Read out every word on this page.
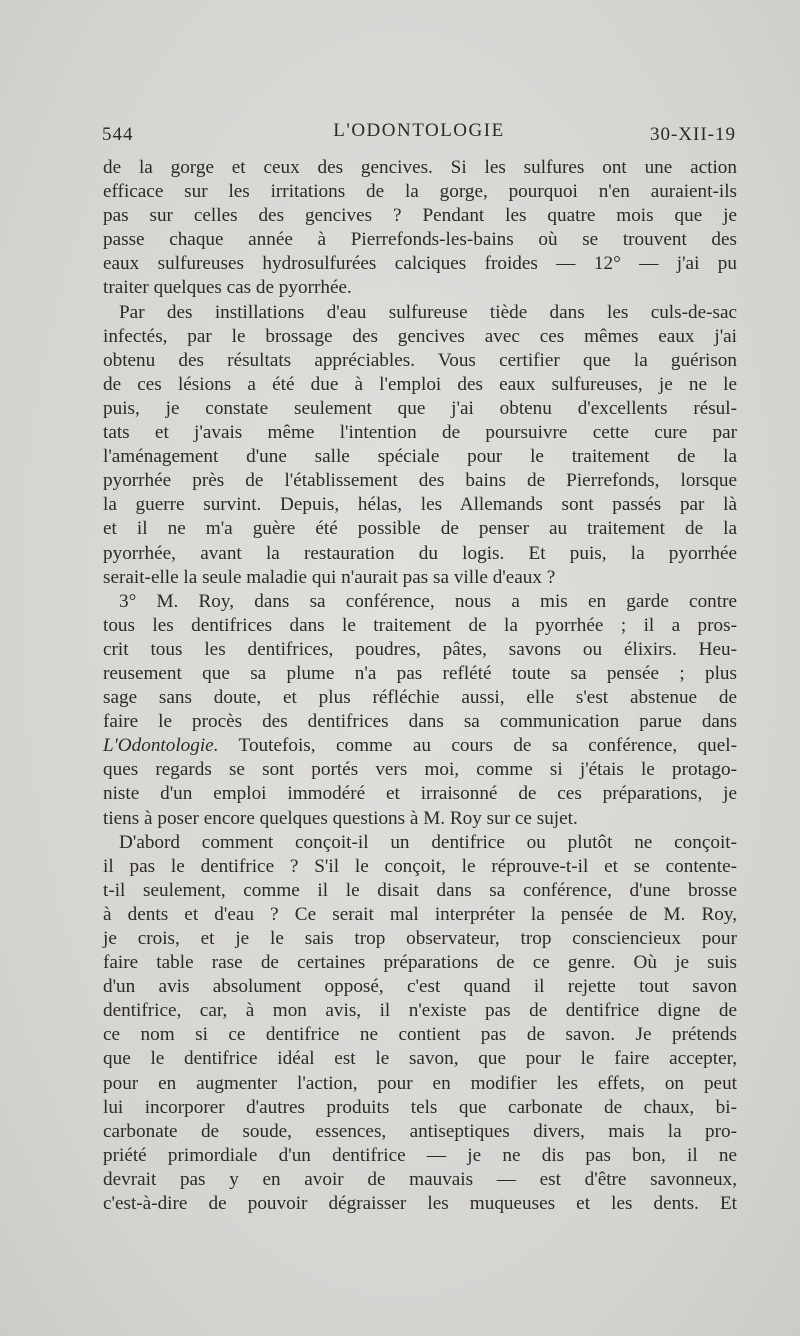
544	L'ODONTOLOGIE	30-XII-19
de la gorge et ceux des gencives. Si les sulfures ont une action
efficace sur les irritations de la gorge, pourquoi n'en auraient-ils
pas sur celles des gencives ? Pendant les quatre mois que je
passe chaque année à Pierrefonds-les-bains où se trouvent des
eaux sulfureuses hydrosulfurées calciques froides — 12° — j'ai pu
traiter quelques cas de pyorrhée.
Par des instillations d'eau sulfureuse tiède dans les culs-de-sac
infectés, par le brossage des gencives avec ces mêmes eaux j'ai
obtenu des résultats appréciables. Vous certifier que la guérison
de ces lésions a été due à l'emploi des eaux sulfureuses, je ne le
puis, je constate seulement que j'ai obtenu d'excellents résul-
tats et j'avais même l'intention de poursuivre cette cure par
l'aménagement d'une salle spéciale pour le traitement de la
pyorrhée près de l'établissement des bains de Pierrefonds, lorsque
la guerre survint. Depuis, hélas, les Allemands sont passés par là
et il ne m'a guère été possible de penser au traitement de la
pyorrhée, avant la restauration du logis. Et puis, la pyorrhée
serait-elle la seule maladie qui n'aurait pas sa ville d'eaux ?
3° M. Roy, dans sa conférence, nous a mis en garde contre
tous les dentifrices dans le traitement de la pyorrhée ; il a pros-
crit tous les dentifrices, poudres, pâtes, savons ou élixirs. Heu-
reusement que sa plume n'a pas reflété toute sa pensée ; plus
sage sans doute, et plus réfléchie aussi, elle s'est abstenue de
faire le procès des dentifrices dans sa communication parue dans
L'Odontologie. Toutefois, comme au cours de sa conférence, quel-
ques regards se sont portés vers moi, comme si j'étais le protago-
niste d'un emploi immodéré et irraisonné de ces préparations, je
tiens à poser encore quelques questions à M. Roy sur ce sujet.
D'abord comment conçoit-il un dentifrice ou plutôt ne conçoit-
il pas le dentifrice ? S'il le conçoit, le réprouve-t-il et se contente-
t-il seulement, comme il le disait dans sa conférence, d'une brosse
à dents et d'eau ? Ce serait mal interpréter la pensée de M. Roy,
je crois, et je le sais trop observateur, trop consciencieux pour
faire table rase de certaines préparations de ce genre. Où je suis
d'un avis absolument opposé, c'est quand il rejette tout savon
dentifrice, car, à mon avis, il n'existe pas de dentifrice digne de
ce nom si ce dentifrice ne contient pas de savon. Je prétends
que le dentifrice idéal est le savon, que pour le faire accepter,
pour en augmenter l'action, pour en modifier les effets, on peut
lui incorporer d'autres produits tels que carbonate de chaux, bi-
carbonate de soude, essences, antiseptiques divers, mais la pro-
priété primordiale d'un dentifrice — je ne dis pas bon, il ne
devrait pas y en avoir de mauvais — est d'être savonneux,
c'est-à-dire de pouvoir dégraisser les muqueuses et les dents. Et
